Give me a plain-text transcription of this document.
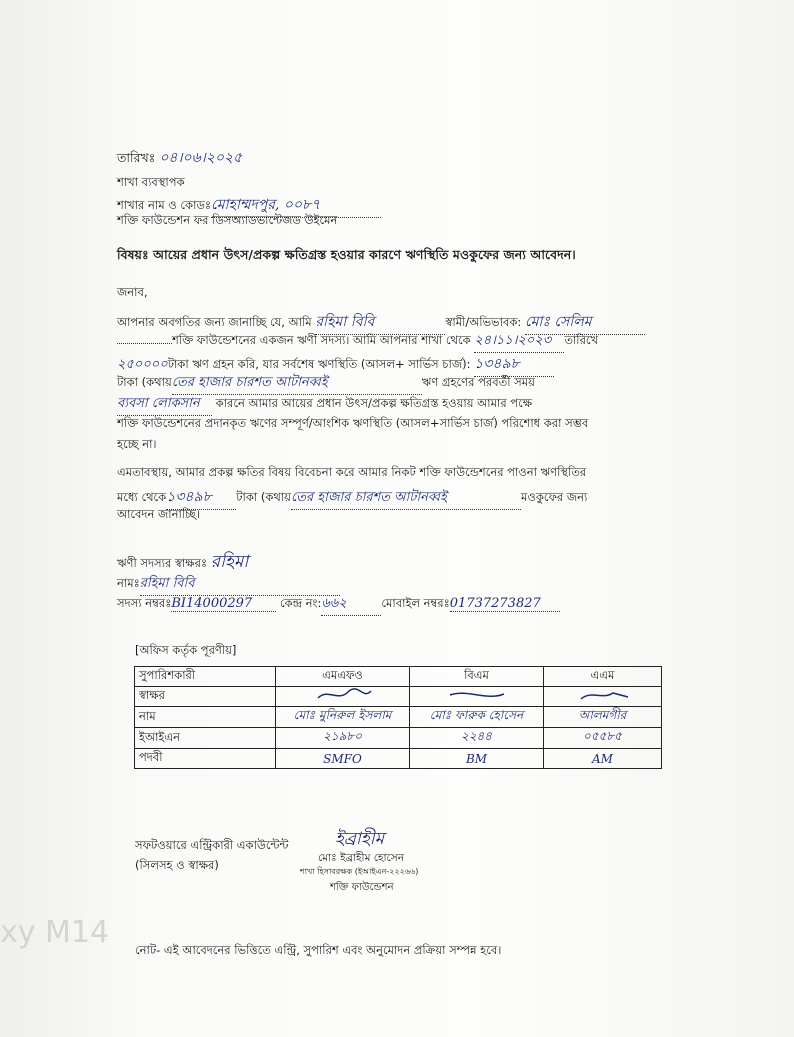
তারিখঃ ০৪।০৬।২০২৫
শাখা ব্যবস্থাপক
শাখার নাম ও কোডঃমোহাম্মদপুর, ০০৮৭
শক্তি ফাউন্ডেশন ফর ডিসঅ্যাডভান্টেজড উইমেন
বিষয়ঃ আয়ের প্রধান উৎস/প্রকল্প ক্ষতিগ্রস্ত হওয়ার কারণে ঋণস্থিতি মওকুফের জন্য আবেদন।
জনাব,
আপনার অবগতির জন্য জানাচ্ছি যে, আমি রহিমা বিবি	স্বামী/অভিভাবক: মোঃ সেলিম
শক্তি ফাউন্ডেশনের একজন ঋণী সদস্য। আমি আপনার শাখা থেকে ২৪।১১।২০২৩ তারিখে
২৫০০০০টাকা ঋণ গ্রহন করি, যার সর্বশেষ ঋণস্থিতি (আসল+ সার্ভিস চার্জ): ১৩৪৯৮
টাকা (কথায়তের হাজার চারশত আটানব্বই	ঋণ গ্রহণের পরবর্তী সময়
ব্যবসা লোকসান কারনে আমার আয়ের প্রধান উৎস/প্রকল্প ক্ষতিগ্রস্ত হওয়ায় আমার পক্ষে
শক্তি ফাউন্ডেশনের প্রদানকৃত ঋণের সম্পূর্ণ/আংশিক ঋণস্থিতি (আসল+সার্ভিস চার্জ) পরিশোধ করা সম্ভব
হচ্ছে না।
এমতাবস্থায়, আমার প্রকল্প ক্ষতির বিষয় বিবেচনা করে আমার নিকট শক্তি ফাউন্ডেশনের পাওনা ঋণস্থিতির
মধ্যে থেকে১৩৪৯৮ টাকা (কথায়তের হাজার চারশত আটানব্বই	মওকুফের জন্য
আবেদন জানাচ্ছি।
ঋণী সদস্যর স্বাক্ষরঃ রহিমা
নামঃরহিমা বিবি
সদস্য নম্বরঃBI14000297 কেন্দ্র নং:৬৬২	মোবাইল নম্বরঃ01737273827
[অফিস কর্তৃক পূরণীয়]
সুপারিশকারী	এমএফও	বিএম	এএম
স্বাক্ষর			
নাম	মোঃ মুনিরুল ইসলাম	মোঃ ফারুক হোসেন	আলমগীর
ইআইএন	২১৯৮০	২২৪৪	০৫৫৮৫
পদবী	SMFO	BM	AM
সফটওয়ারে এন্ট্রিকারী একাউন্টেন্ট
(সিলসহ ও স্বাক্ষর)
ইব্রাহীম
মোঃ ইব্রাহীম হোসেন
শাখা হিসাবরক্ষক (ইআইএন-২২২৬৬)
শক্তি ফাউন্ডেশন
xy M14 নোট- এই আবেদনের ভিত্তিতে এন্ট্রি, সুপারিশ এবং অনুমোদন প্রক্রিয়া সম্পন্ন হবে।
